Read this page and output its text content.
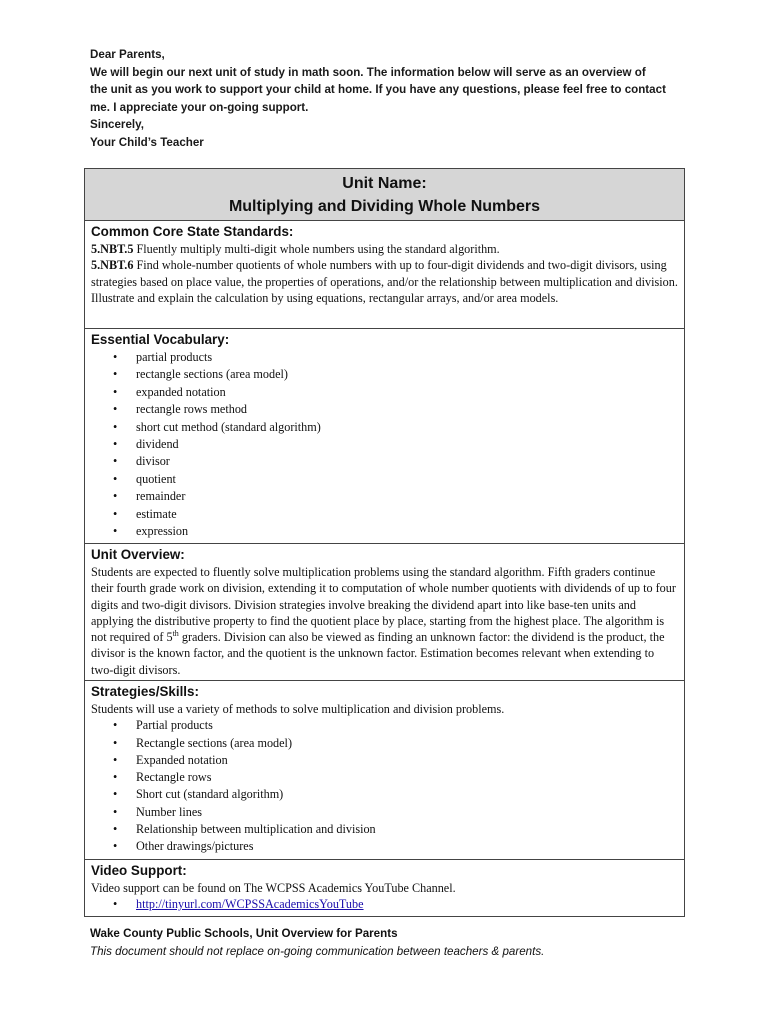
Dear Parents,
We will begin our next unit of study in math soon. The information below will serve as an overview of
the unit as you work to support your child at home. If you have any questions, please feel free to contact
me. I appreciate your on-going support.
Sincerely,
Your Child’s Teacher
Unit Name:
Multiplying and Dividing Whole Numbers
Common Core State Standards:
5.NBT.5 Fluently multiply multi-digit whole numbers using the standard algorithm.
5.NBT.6 Find whole-number quotients of whole numbers with up to four-digit dividends and two-digit divisors, using strategies based on place value, the properties of operations, and/or the relationship between multiplication and division. Illustrate and explain the calculation by using equations, rectangular arrays, and/or area models.
Essential Vocabulary:
• partial products
• rectangle sections (area model)
• expanded notation
• rectangle rows method
• short cut method (standard algorithm)
• dividend
• divisor
• quotient
• remainder
• estimate
• expression
Unit Overview:
Students are expected to fluently solve multiplication problems using the standard algorithm. Fifth graders continue their fourth grade work on division, extending it to computation of whole number quotients with dividends of up to four digits and two-digit divisors. Division strategies involve breaking the dividend apart into like base-ten units and applying the distributive property to find the quotient place by place, starting from the highest place. The algorithm is not required of 5th graders. Division can also be viewed as finding an unknown factor: the dividend is the product, the divisor is the known factor, and the quotient is the unknown factor. Estimation becomes relevant when extending to two-digit divisors.
Strategies/Skills:
Students will use a variety of methods to solve multiplication and division problems.
• Partial products
• Rectangle sections (area model)
• Expanded notation
• Rectangle rows
• Short cut (standard algorithm)
• Number lines
• Relationship between multiplication and division
• Other drawings/pictures
Video Support:
Video support can be found on The WCPSS Academics YouTube Channel.
• http://tinyurl.com/WCPSSAcademicsYouTube
Wake County Public Schools, Unit Overview for Parents
This document should not replace on-going communication between teachers & parents.
